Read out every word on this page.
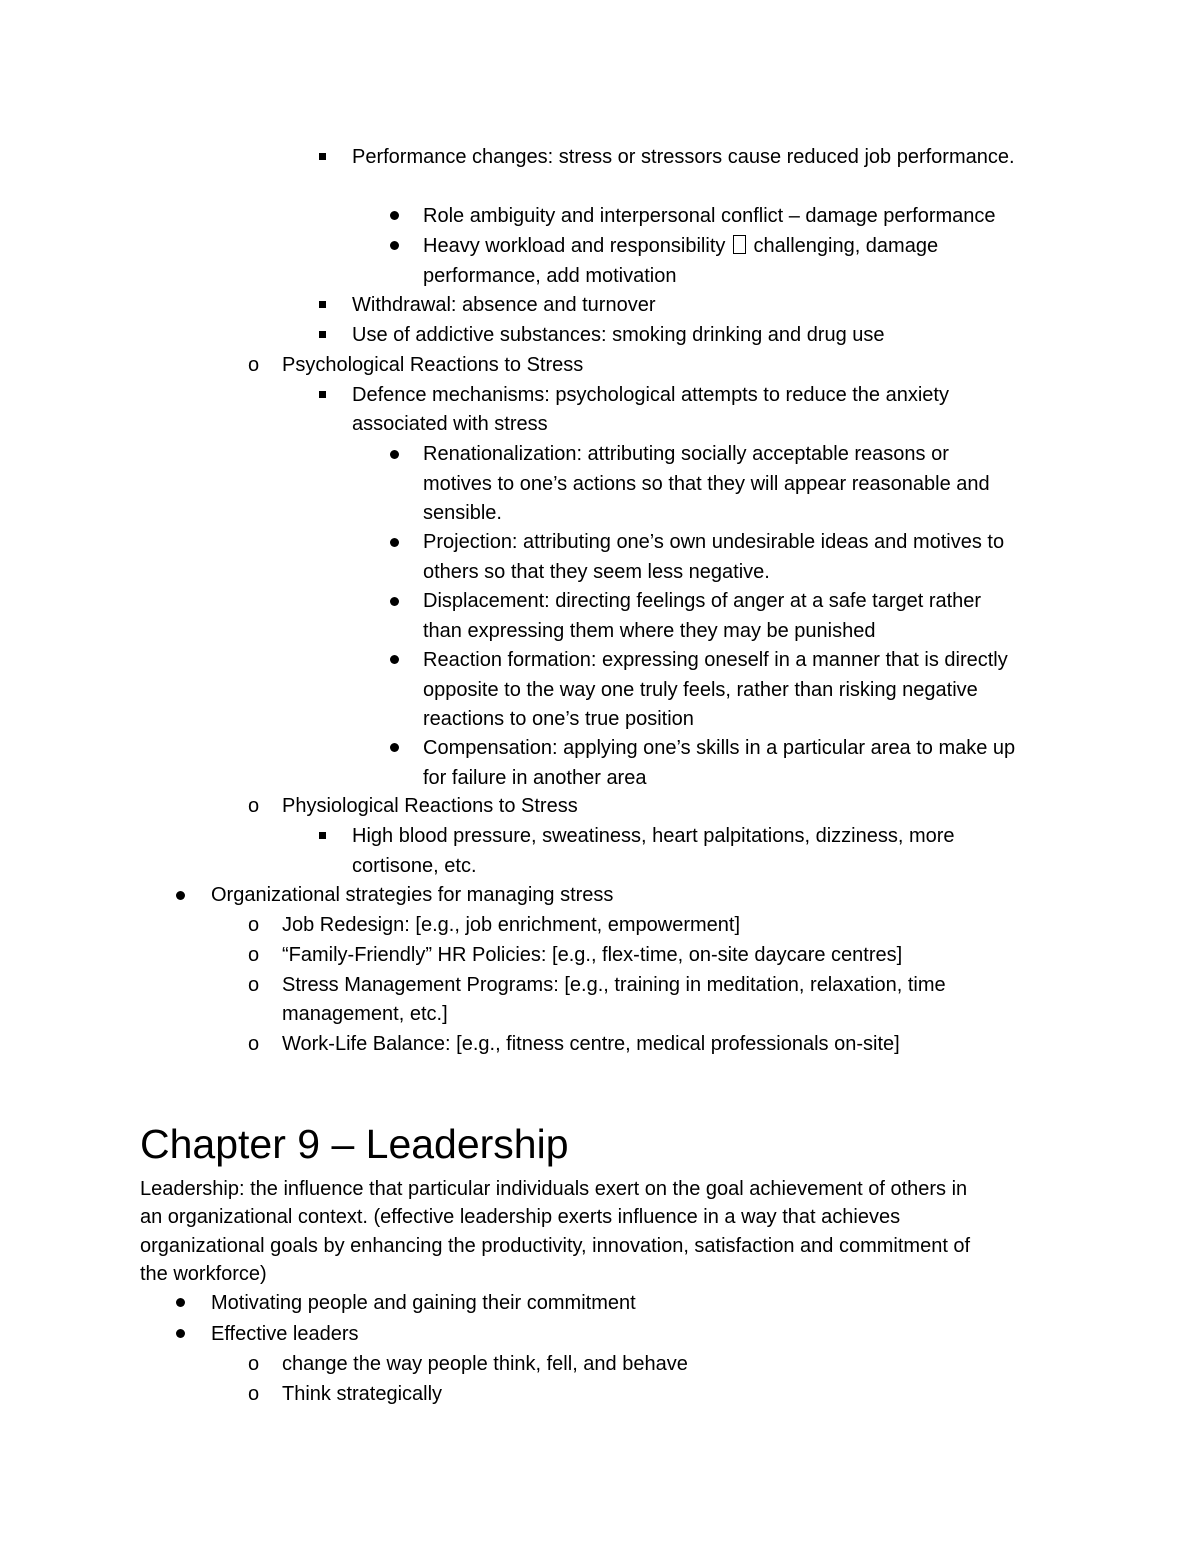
Performance changes: stress or stressors cause reduced job performance.
Role ambiguity and interpersonal conflict – damage performance
Heavy workload and responsibility challenging, damage
performance, add motivation
Withdrawal: absence and turnover
Use of addictive substances: smoking drinking and drug use
o Psychological Reactions to Stress
Defence mechanisms: psychological attempts to reduce the anxiety
associated with stress
Renationalization: attributing socially acceptable reasons or
motives to one’s actions so that they will appear reasonable and
sensible.
Projection: attributing one’s own undesirable ideas and motives to
others so that they seem less negative.
Displacement: directing feelings of anger at a safe target rather
than expressing them where they may be punished
Reaction formation: expressing oneself in a manner that is directly
opposite to the way one truly feels, rather than risking negative
reactions to one’s true position
Compensation: applying one’s skills in a particular area to make up
for failure in another area
o Physiological Reactions to Stress
High blood pressure, sweatiness, heart palpitations, dizziness, more
cortisone, etc.
Organizational strategies for managing stress
o Job Redesign: [e.g., job enrichment, empowerment]
o “Family-Friendly” HR Policies: [e.g., flex-time, on-site daycare centres]
o Stress Management Programs: [e.g., training in meditation, relaxation, time
management, etc.]
o Work-Life Balance: [e.g., fitness centre, medical professionals on-site]
Chapter 9 – Leadership
Leadership: the influence that particular individuals exert on the goal achievement of others in
an organizational context. (effective leadership exerts influence in a way that achieves
organizational goals by enhancing the productivity, innovation, satisfaction and commitment of
the workforce)
Motivating people and gaining their commitment
Effective leaders
o change the way people think, fell, and behave
o Think strategically
